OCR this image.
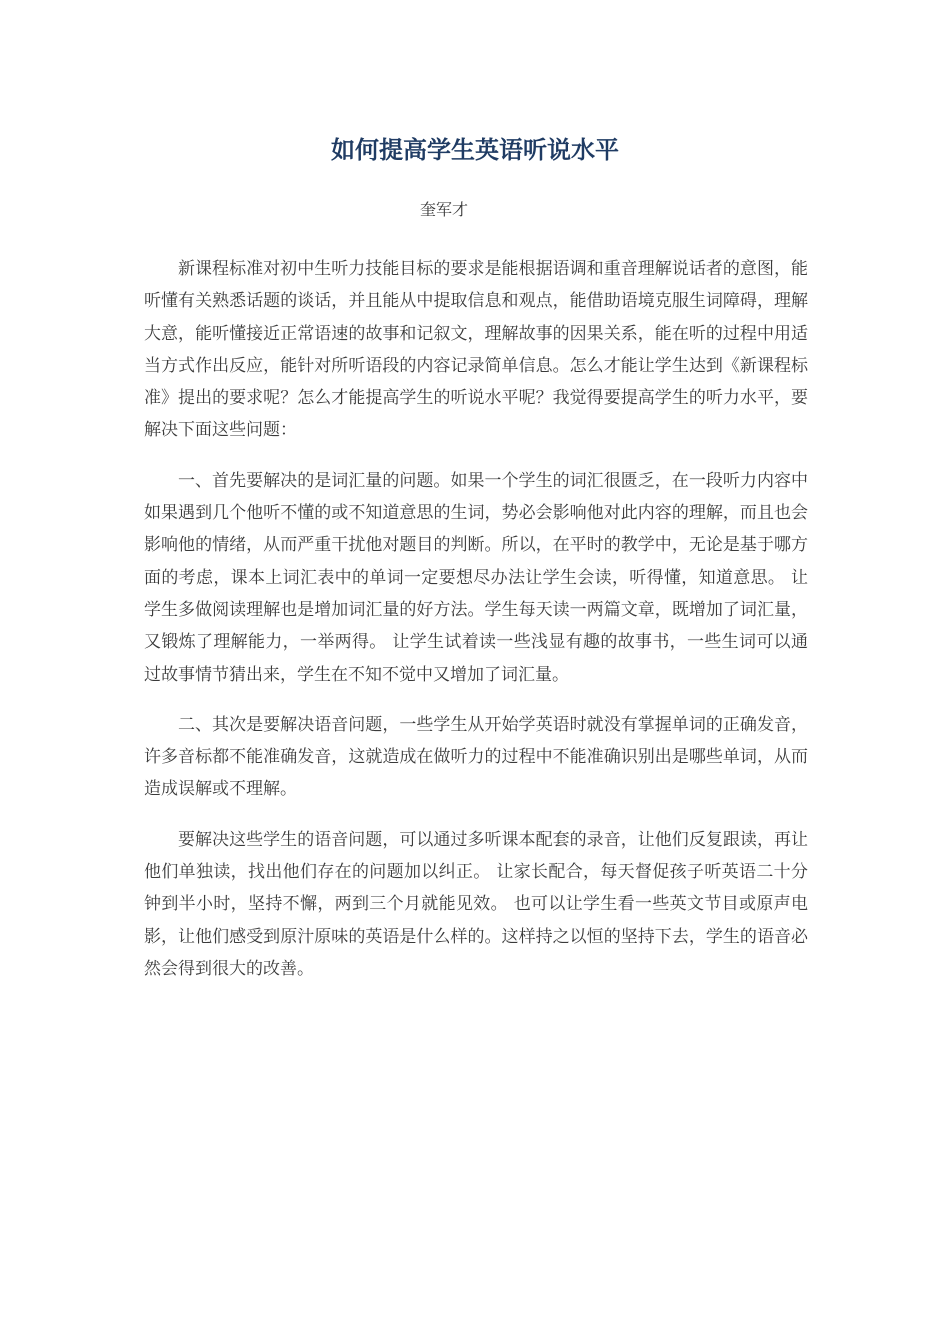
如何提高学生英语听说水平
奎军才

新课程标准对初中生听力技能目标的要求是能根据语调和重音理解说话者的意图，能听懂有关熟悉话题的谈话，并且能从中提取信息和观点，能借助语境克服生词障碍，理解大意，能听懂接近正常语速的故事和记叙文，理解故事的因果关系，能在听的过程中用适当方式作出反应，能针对所听语段的内容记录简单信息。怎么才能让学生达到《新课程标准》提出的要求呢？怎么才能提高学生的听说水平呢？我觉得要提高学生的听力水平，要解决下面这些问题：

一、首先要解决的是词汇量的问题。如果一个学生的词汇很匮乏，在一段听力内容中如果遇到几个他听不懂的或不知道意思的生词，势必会影响他对此内容的理解，而且也会影响他的情绪，从而严重干扰他对题目的判断。所以，在平时的教学中，无论是基于哪方面的考虑，课本上词汇表中的单词一定要想尽办法让学生会读，听得懂，知道意思。 让学生多做阅读理解也是增加词汇量的好方法。学生每天读一两篇文章，既增加了词汇量，又锻炼了理解能力，一举两得。 让学生试着读一些浅显有趣的故事书，一些生词可以通过故事情节猜出来，学生在不知不觉中又增加了词汇量。

二、其次是要解决语音问题，一些学生从开始学英语时就没有掌握单词的正确发音，许多音标都不能准确发音，这就造成在做听力的过程中不能准确识别出是哪些单词，从而造成误解或不理解。

要解决这些学生的语音问题，可以通过多听课本配套的录音，让他们反复跟读，再让他们单独读，找出他们存在的问题加以纠正。 让家长配合，每天督促孩子听英语二十分钟到半小时，坚持不懈，两到三个月就能见效。 也可以让学生看一些英文节目或原声电影，让他们感受到原汁原味的英语是什么样的。这样持之以恒的坚持下去，学生的语音必然会得到很大的改善。
